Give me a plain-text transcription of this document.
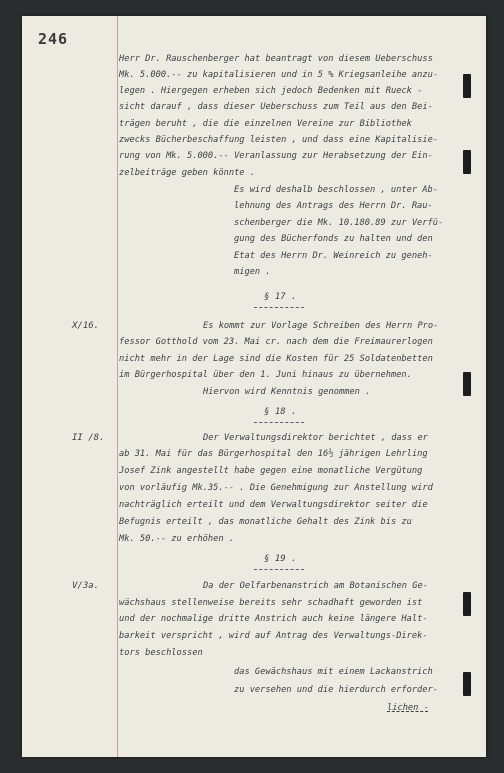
246
Herr Dr. Rauschenberger hat beantragt von diesem Ueberschuss
Mk. 5.000.-- zu kapitalisieren und in 5 % Kriegsanleihe anzu-
legen . Hiergegen erheben sich jedoch Bedenken mit Rueck -
sicht darauf , dass dieser Ueberschuss zum Teil aus den Bei-
trägen beruht , die die einzelnen Vereine zur Bibliothek
zwecks Bücherbeschaffung leisten , und dass eine Kapitalisie-
rung von Mk. 5.000.-- Veranlassung zur Herabsetzung der Ein-
zelbeiträge geben könnte .
Es wird deshalb beschlossen , unter Ab-
lehnung des Antrags des Herrn Dr. Rau-
schenberger die Mk. 10.180.89 zur Verfü-
gung des Bücherfonds zu halten und den
Etat des Herrn Dr. Weinreich zu geneh-
migen .
§ 17 .
X/16.	Es kommt zur Vorlage Schreiben des Herrn Pro-
fessor Gotthold vom 23. Mai cr. nach dem die Freimaurerlogen
nicht mehr in der Lage sind die Kosten für 25 Soldatenbetten
im Bürgerhospital über den 1. Juni hinaus zu übernehmen.
Hiervon wird Kenntnis genommen .
§ 18 .
II /8.	Der Verwaltungsdirektor berichtet , dass er
ab 31. Mai für das Bürgerhospital den 16½ jährigen Lehrling
Josef Zink angestellt habe gegen eine monatliche Vergütung
von vorläufig Mk.35.-- . Die Genehmigung zur Anstellung wird
nachträglich erteilt und dem Verwaltungsdirektor seiter die
Befugnis erteilt , das monatliche Gehalt des Zink bis zu
Mk. 50.-- zu erhöhen .
§ 19 .
V/3a.	Da der Oelfarbenanstrich am Botanischen Ge-
wächshaus stellenweise bereits sehr schadhaft geworden ist
und der nochmalige dritte Anstrich auch keine längere Halt-
barkeit verspricht , wird auf Antrag des Verwaltungs-Direk-
tors beschlossen
das Gewächshaus mit einem Lackanstrich
zu versehen und die hierdurch erforder-
lichen -
